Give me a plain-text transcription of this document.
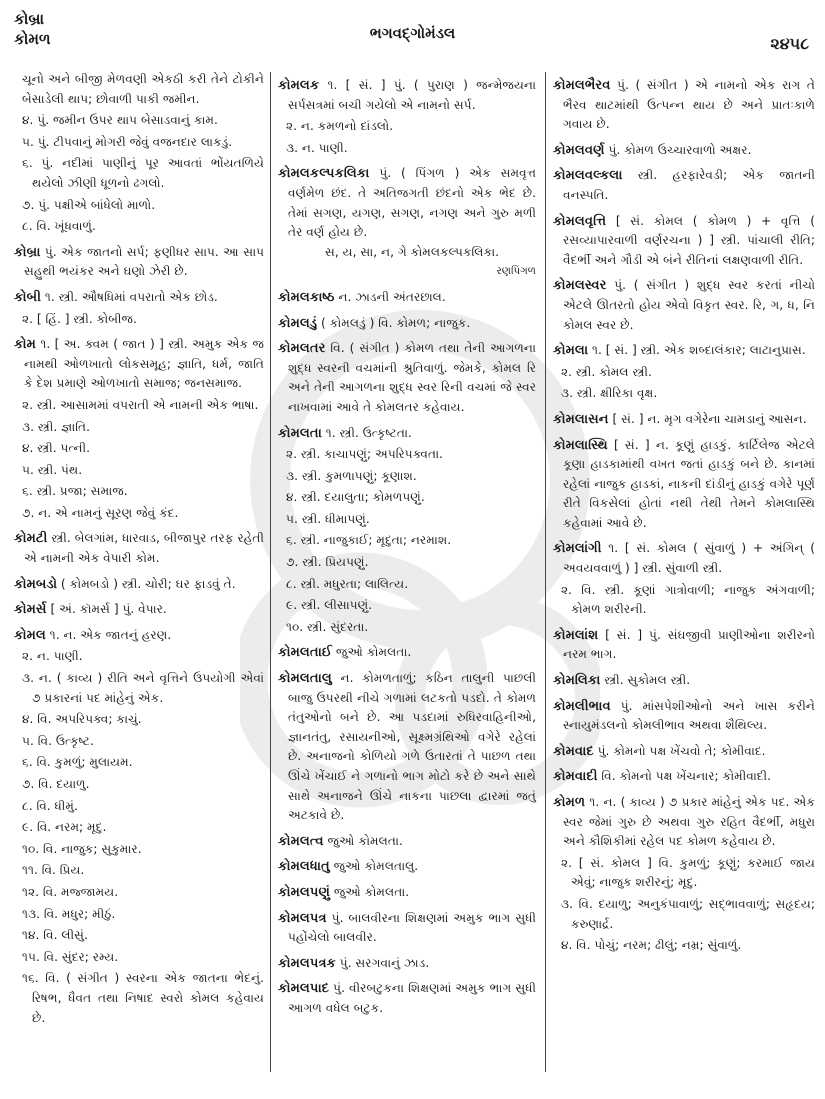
કોબ્રા
કોમળ	ભગવદ્ગોમંડલ
૨૪૫૮
ચૂનો અને બીજી મેળવણી એકઠી કરી તેને ટોકીને બેસાડેલી થાપ; છોવાળી પાકી જમીન.
૪. પું. જમીન ઉપર થાપ બેસાડવાનું કામ.
૫. પું. ટીપવાનું મોગરી જેવું વજનદાર લાકડું.
૬. પું. નદીમાં પાણીનું પૂર આવતાં ભોંયતળિયે થયેલો ઝીણી ધૂળનો ઢગલો.
૭. પું. પક્ષીએ બાંધેલો માળો.
૮. વિ. ખૂંધવાળું.
કોબ્રા પું. એક જાતનો સર્પ; ફણીધર સાપ. આ સાપ સહુથી ભયંકર અને ઘણો ઝેરી છે.
કોબી ૧. સ્ત્રી. ઔષધિમાં વપરાતો એક છોડ.
૨. [ હિં. ] સ્ત્રી. કોબીજ.
કોમ ૧. [ અ. ક્વમ ( જાત ) ] સ્ત્રી. અમુક એક જ નામથી ઓળખાતો લોકસમૂહ; જ્ઞાતિ, ધર્મ, જાતિ કે દેશ પ્રમાણે ઓળખાતો સમાજ; જનસમાજ.
૨. સ્ત્રી. આસામમાં વપરાતી એ નામની એક ભાષા.
૩. સ્ત્રી. જ્ઞાતિ.
૪. સ્ત્રી. પત્ની.
૫. સ્ત્રી. પંથ.
૬. સ્ત્રી. પ્રજા; સમાજ.
૭. ન. એ નામનું સૂરણ જેવું કંદ.
કોમટી સ્ત્રી. બેલગાંમ, ધારવાડ, બીજાપુર તરફ રહેતી એ નામની એક વેપારી કોમ.
કોમબડો ( કોમબડો ) સ્ત્રી. ચોરી; ઘર ફાડવું તે.
કોમર્સ [ અં. કૉમર્સ ] પું. વેપાર.
કોમલ ૧. ન. એક જાતનું હરણ.
૨. ન. પાણી.
૩. ન. ( કાવ્ય ) રીતિ અને વૃત્તિને ઉપયોગી એવાં ૭ પ્રકારનાં પદ માંહેનું એક.
૪. વિ. અપરિપક્વ; કાચું.
૫. વિ. ઉત્કૃષ્ટ.
૬. વિ. કુમળું; મુલાયમ.
૭. વિ. દયાળુ.
૮. વિ. ધીમું.
૯. વિ. નરમ; મૃદુ.
૧૦. વિ. નાજુક; સુકુમાર.
૧૧. વિ. પ્રિય.
૧૨. વિ. મજ્જામય.
૧૩. વિ. મધુર; મીઠું.
૧૪. વિ. લીસું.
૧૫. વિ. સુંદર; રમ્ય.
૧૬. વિ. ( સંગીત ) સ્વરના એક જાતના ભેદનું. રિષભ, ધૈવત તથા નિષાદ સ્વરો કોમલ કહેવાય છે.
કોમલક ૧. [ સં. ] પું. ( પુરાણ ) જન્મેજયના સર્પસત્રમાં બચી ગયેલો એ નામનો સર્પ.
૨. ન. કમળનો દાંડલો.
૩. ન. પાણી.
કોમલકલ્પકલિકા પું. ( પિંગળ ) એક સમવૃત્ત વર્ણમેળ છંદ. તે અતિજગતી છંદનો એક ભેદ છે. તેમાં સગણ, યગણ, સગણ, નગણ અને ગુરુ મળી તેર વર્ણ હોય છે.
સ, ય, સા, ન, ગે કોમલકલ્પકલિકા.
રણપિંગળ
કોમલકાષ્ઠ ન. ઝાડની અંતરછાલ.
કોમલડું ( કોમલડું ) વિ. કોમળ; નાજુક.
કોમલતર વિ. ( સંગીત ) કોમળ તથા તેની આગળના શુદ્ધ સ્વરની વચમાંની શ્રુતિવાળું. જેમકે, કોમલ રિ અને તેની આગળના શુદ્ધ સ્વર રિની વચમાં જે સ્વર નાખવામાં આવે તે કોમલતર કહેવાય.
કોમલતા ૧. સ્ત્રી. ઉત્કૃષ્ટતા.
૨. સ્ત્રી. કાચાપણું; અપરિપક્વતા.
૩. સ્ત્રી. કુમળાપણું; કૂણાશ.
૪. સ્ત્રી. દયાલુતા; કોમળપણું.
૫. સ્ત્રી. ધીમાપણું.
૬. સ્ત્રી. નાજુકાઈ; મૃદુતા; નરમાશ.
૭. સ્ત્રી. પ્રિયપણું.
૮. સ્ત્રી. મધુરતા; લાલિત્ય.
૯. સ્ત્રી. લીસાપણું.
૧૦. સ્ત્રી. સુંદરતા.
કોમલતાઈ જુઓ કોમલતા.
કોમલતાલુ ન. કોમળતાળું; કઠિન તાલુની પાછલી બાજુ ઉપરથી નીચે ગળામાં લટકતો પડદો. તે કોમળ તંતુઓનો બને છે. આ પડદામાં રુધિરવાહિનીઓ, જ્ઞાનતંતુ, રસાયનીઓ, સૂક્ષ્મગ્રંથિઓ વગેરે રહેલાં છે. અનાજનો કોળિયો ગળે ઉતારતાં તે પાછળ તથા ઊંચે ખેંચાઈ ને ગળાનો ભાગ મોટો કરે છે અને સાથે સાથે અનાજને ઊંચે નાકના પાછલા દ્વારમાં જતું અટકાવે છે.
કોમલત્વ જુઓ કોમલતા.
કોમલધાતુ જુઓ કોમલતાલુ.
કોમલપણું જુઓ કોમલતા.
કોમલપત્ર પું. બાલવીરના શિક્ષણમાં અમુક ભાગ સુધી પહોંચેલો બાલવીર.
કોમલપત્રક પું. સરગવાનું ઝાડ.
કોમલપાદ પું. વીરબટુકના શિક્ષણમાં અમુક ભાગ સુધી આગળ વધેલ બટુક.
કોમલભૈરવ પું. ( સંગીત ) એ નામનો એક રાગ તે ભૈરવ થાટમાંથી ઉત્પન્ન થાય છે અને પ્રાતઃકાળે ગવાય છે.
કોમલવર્ણ પું. કોમળ ઉચ્ચારવાળો અક્ષર.
કોમલવલ્કલા સ્ત્રી. હરફારેવડી; એક જાતની વનસ્પતિ.
કોમલવૃત્તિ [ સં. કોમલ ( કોમળ ) + વૃત્તિ ( રસવ્યાપારવાળી વર્ણરચના ) ] સ્ત્રી. પાંચાલી રીતિ; વૈદર્ભી અને ગૌડી એ બંને રીતિનાં લક્ષણવાળી રીતિ.
કોમલસ્વર પું. ( સંગીત ) શુદ્ધ સ્વર કરતાં નીચો એટલે ઊતરતો હોય એવો વિકૃત સ્વર. રિ, ગ, ધ, નિ કોમલ સ્વર છે.
કોમલા ૧. [ સં. ] સ્ત્રી. એક શબ્દાલંકાર; લાટાનુપ્રાસ.
૨. સ્ત્રી. કોમલ સ્ત્રી.
૩. સ્ત્રી. ક્ષીરિકા વૃક્ષ.
કોમલાસન [ સં. ] ન. મૃગ વગેરેના ચામડાનું આસન.
કોમલાસ્થિ [ સં. ] ન. કૂણું હાડકું. કાર્ટિલેજ એટલે કૂણા હાડકામાંથી વખત જતાં હાડકું બને છે. કાનમાં રહેલાં નાજુક હાડકાં, નાકની દાંડીનું હાડકું વગેરે પૂર્ણ રીતે વિકસેલાં હોતાં નથી તેથી તેમને કોમલાસ્થિ કહેવામાં આવે છે.
કોમલાંગી ૧. [ સં. કોમલ ( સુંવાળું ) + અંગિન્ ( અવયવવાળું ) ] સ્ત્રી. સુંવાળી સ્ત્રી.
૨. વિ. સ્ત્રી. કૂણાં ગાત્રોવાળી; નાજુક અંગવાળી; કોમળ શરીરની.
કોમલાંશ [ સં. ] પું. સંઘજીવી પ્રાણીઓના શરીરનો નરમ ભાગ.
કોમલિકા સ્ત્રી. સુકોમલ સ્ત્રી.
કોમલીભાવ પું. માંસપેશીઓનો અને ખાસ કરીને સ્નાયુમંડલનો કોમલીભાવ અથવા શૈથિલ્ય.
કોમવાદ પું. કોમનો પક્ષ ખેંચવો તે; કોમીવાદ.
કોમવાદી વિ. કોમનો પક્ષ ખેંચનાર; કોમીવાદી.
કોમળ ૧. ન. ( કાવ્ય ) ૭ પ્રકાર માંહેનું એક પદ. એક સ્વર જેમાં ગુરુ છે અથવા ગુરુ રહિત વૈદર્ભી, મધુરા અને કૌશિકીમાં રહેલ પદ કોમળ કહેવાય છે.
૨. [ સં. કોમલ ] વિ. કુમળું; કૂણું; કરમાઈ જાય એવું; નાજુક શરીરનું; મૃદુ.
૩. વિ. દયાળુ; અનુકંપાવાળું; સદ્ભાવવાળું; સહૃદય; કરુણાર્દ્ર.
૪. વિ. પોચું; નરમ; ઢીલું; નમ્ર; સુંવાળું.
